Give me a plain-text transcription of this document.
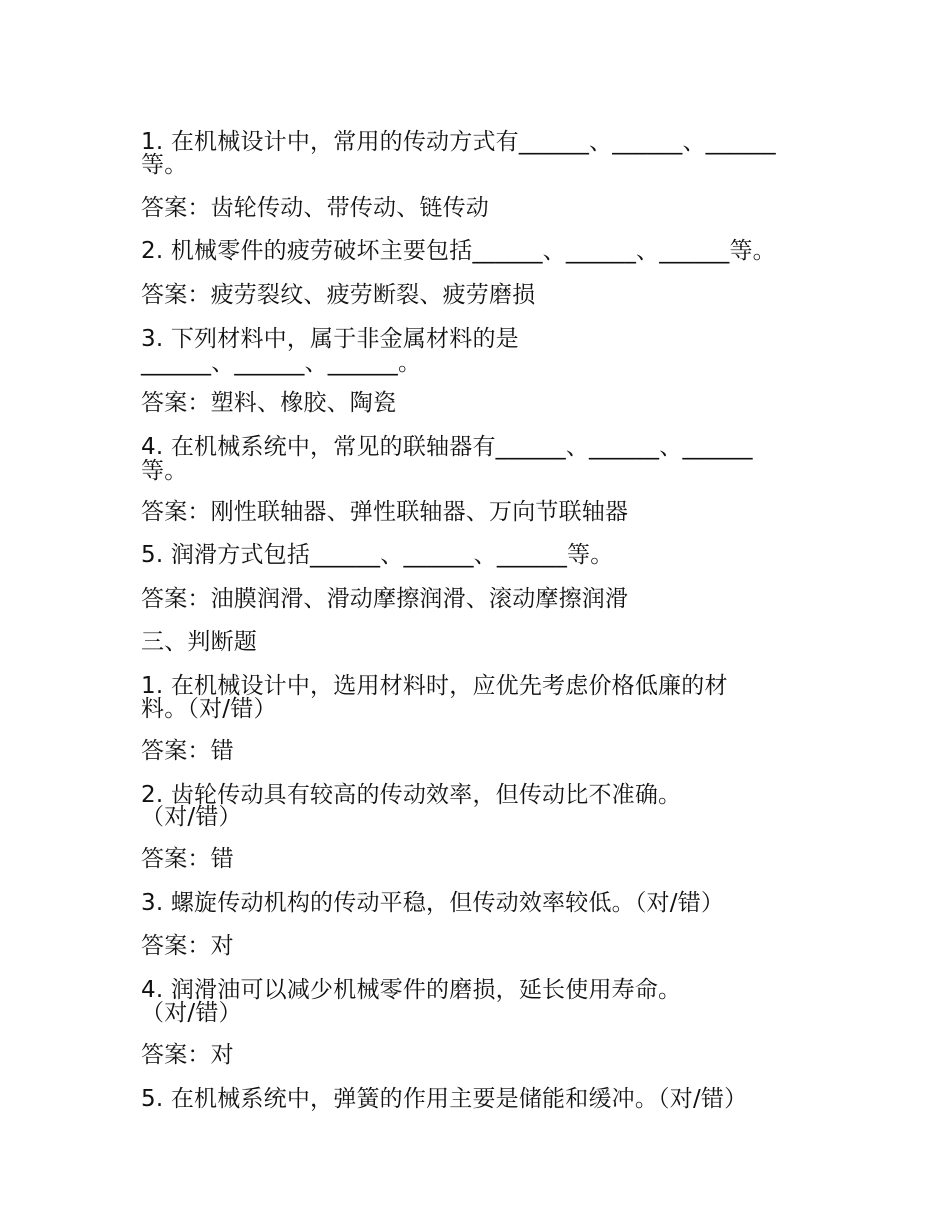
1. 在机械设计中，常用的传动方式有______、______、______
等。
答案：齿轮传动、带传动、链传动
2. 机械零件的疲劳破坏主要包括______、______、______等。
答案：疲劳裂纹、疲劳断裂、疲劳磨损
3. 下列材料中，属于非金属材料的是
______、______、______。
答案：塑料、橡胶、陶瓷
4. 在机械系统中，常见的联轴器有______、______、______
等。
答案：刚性联轴器、弹性联轴器、万向节联轴器
5. 润滑方式包括______、______、______等。
答案：油膜润滑、滑动摩擦润滑、滚动摩擦润滑
三、判断题
1. 在机械设计中，选用材料时，应优先考虑价格低廉的材
料。（对/错）
答案：错
2. 齿轮传动具有较高的传动效率，但传动比不准确。
（对/错）
答案：错
3. 螺旋传动机构的传动平稳，但传动效率较低。（对/错）
答案：对
4. 润滑油可以减少机械零件的磨损，延长使用寿命。
（对/错）
答案：对
5. 在机械系统中，弹簧的作用主要是储能和缓冲。（对/错）
